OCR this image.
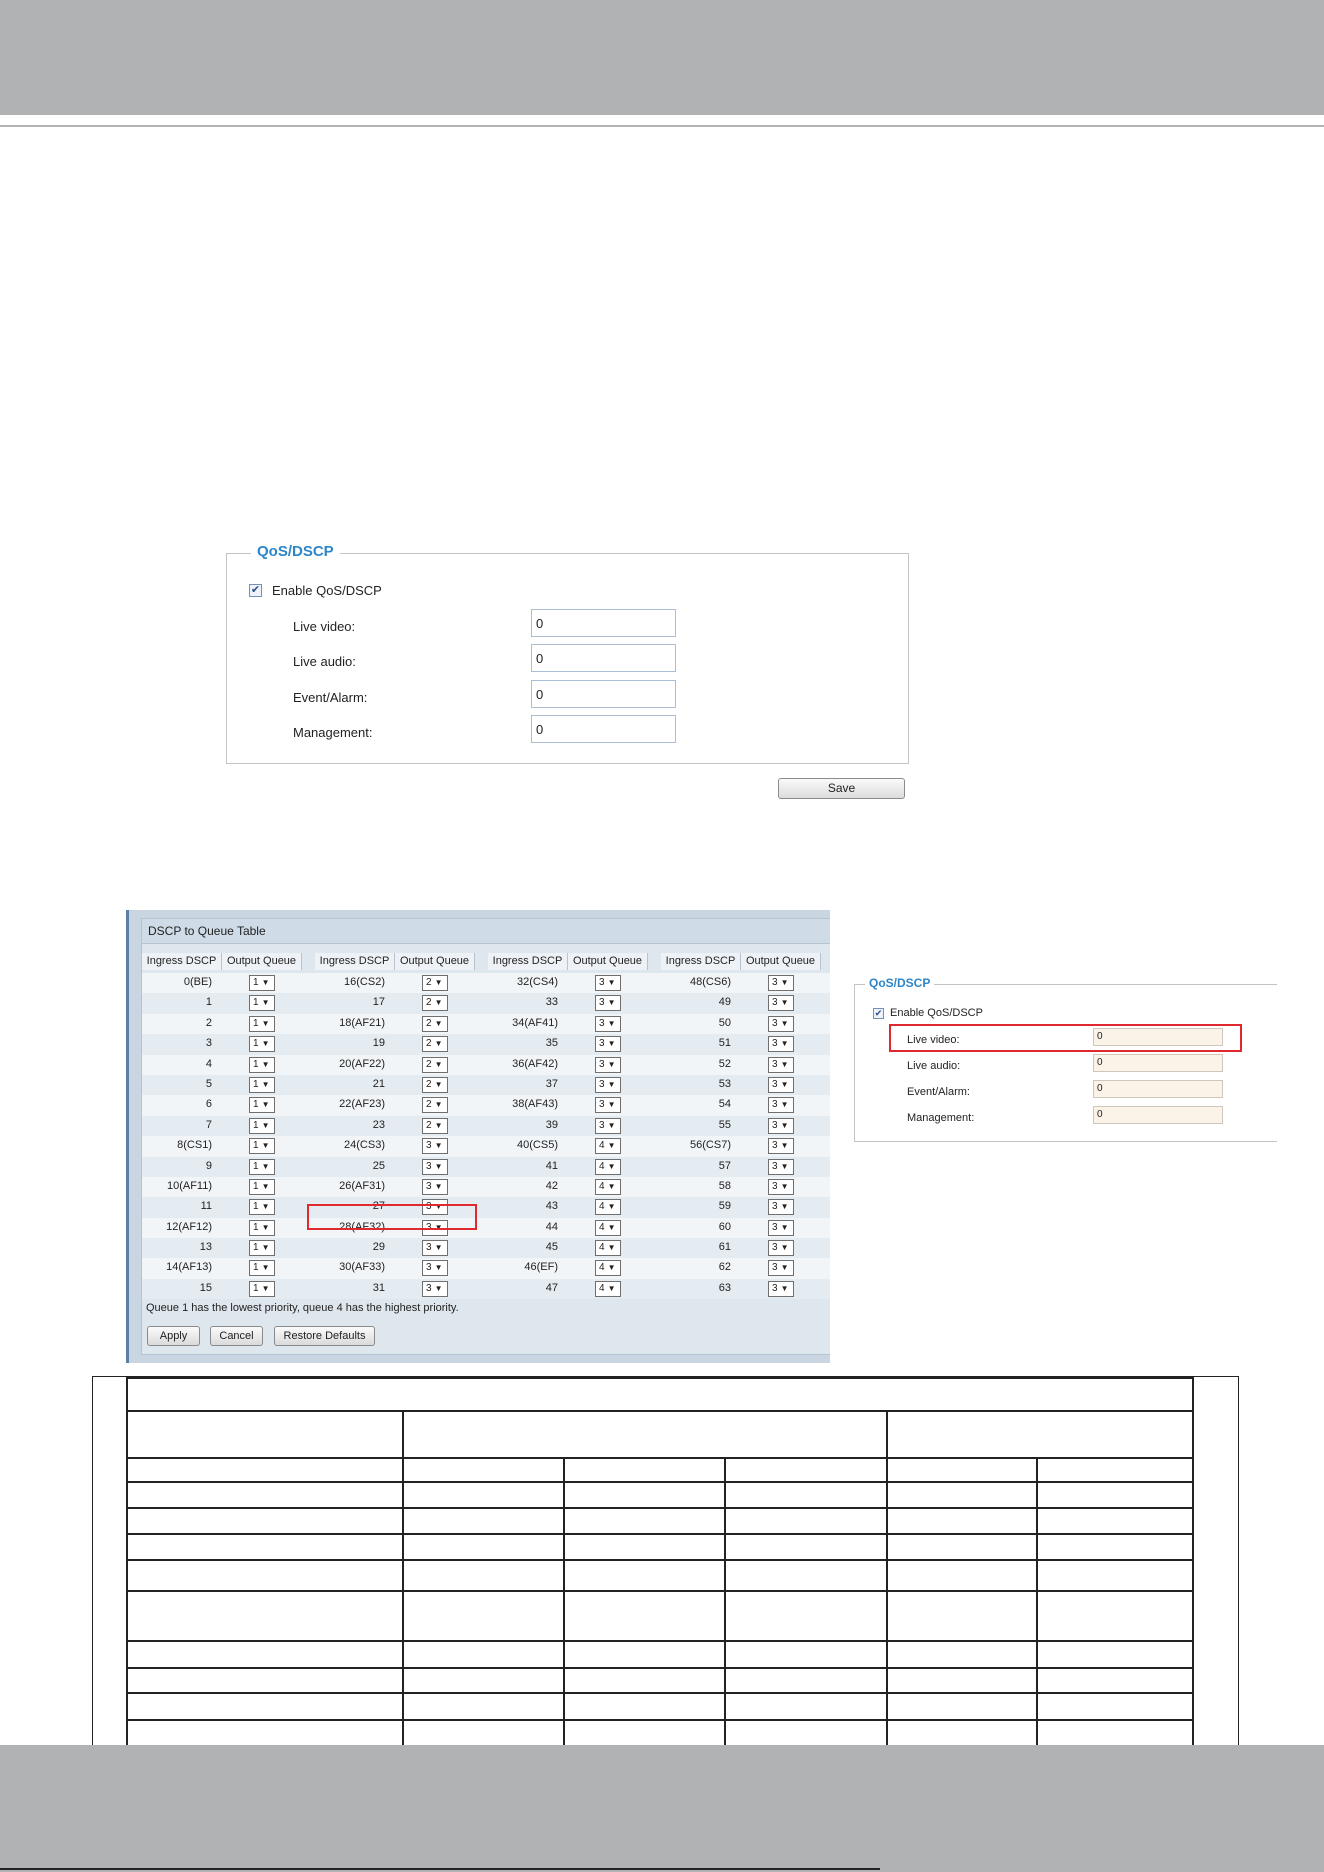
QoS/DSCP
✔ Enable QoS/DSCP
Live video:	0
Live audio:	0
Event/Alarm:	0
Management:	0
Save
DSCP to Queue Table
Ingress DSCP Output Queue	Ingress DSCP Output Queue	Ingress DSCP Output Queue	Ingress DSCP Output Queue
0(BE)	1 ▼	16(CS2)	2 ▼	32(CS4)	3 ▼	48(CS6)	3 ▼
1	1 ▼	17	2 ▼	33	3 ▼	49	3 ▼
2	1 ▼	18(AF21)	2 ▼	34(AF41)	3 ▼	50	3 ▼
3	1 ▼	19	2 ▼	35	3 ▼	51	3 ▼
4	1 ▼	20(AF22)	2 ▼	36(AF42)	3 ▼	52	3 ▼
5	1 ▼	21	2 ▼	37	3 ▼	53	3 ▼
6	1 ▼	22(AF23)	2 ▼	38(AF43)	3 ▼	54	3 ▼
7	1 ▼	23	2 ▼	39	3 ▼	55	3 ▼
8(CS1)	1 ▼	24(CS3)	3 ▼	40(CS5)	4 ▼	56(CS7)	3 ▼
9	1 ▼	25	3 ▼	41	4 ▼	57	3 ▼
10(AF11)	1 ▼	26(AF31)	3 ▼	42	4 ▼	58	3 ▼
11	1 ▼	27	3 ▼	43	4 ▼	59	3 ▼
12(AF12)	1 ▼	28(AF32)	3 ▼	44	4 ▼	60	3 ▼
13	1 ▼	29	3 ▼	45	4 ▼	61	3 ▼
14(AF13)	1 ▼	30(AF33)	3 ▼	46(EF)	4 ▼	62	3 ▼
15	1 ▼	31	3 ▼	47	4 ▼	63	3 ▼
Queue 1 has the lowest priority, queue 4 has the highest priority.
Apply	Cancel	Restore Defaults
QoS/DSCP
✔ Enable QoS/DSCP
Live video:	0
Live audio:	0
Event/Alarm:	0
Management:	0
